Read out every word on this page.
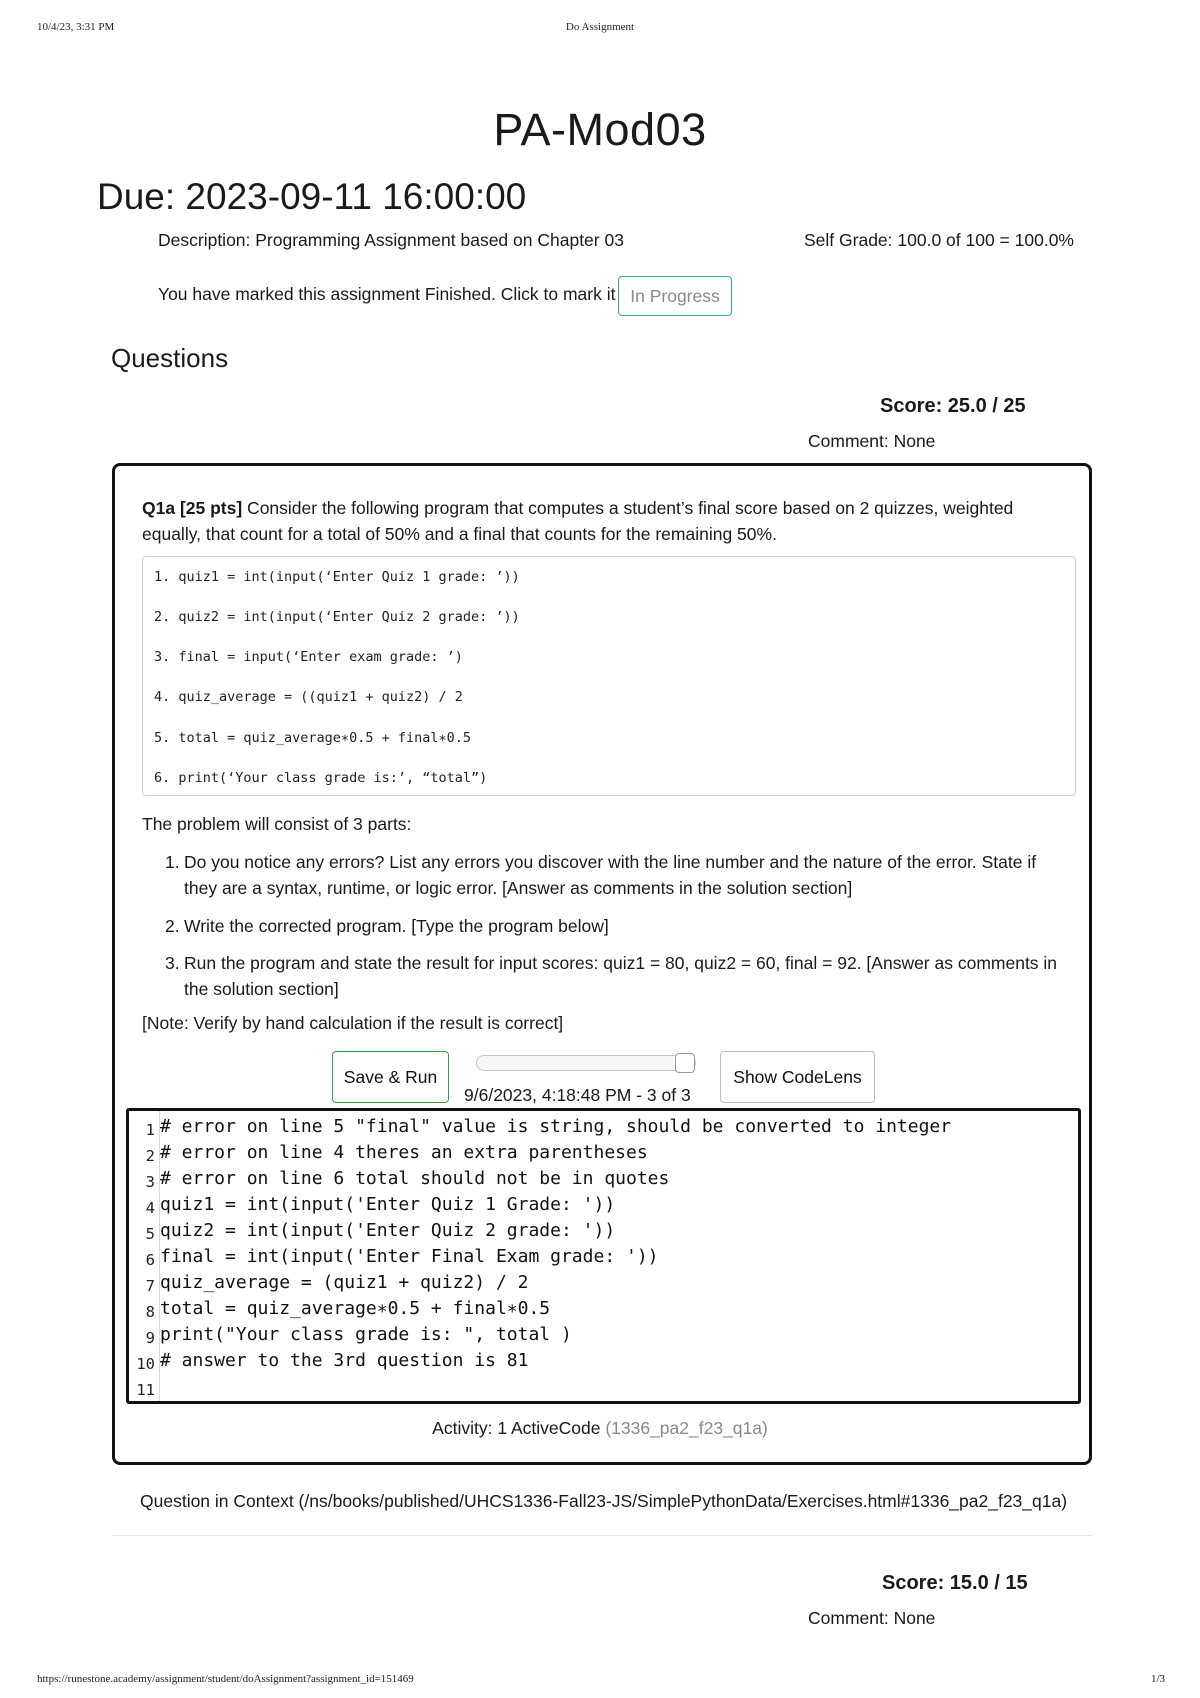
10/4/23, 3:31 PM	Do Assignment
PA-Mod03
Due: 2023-09-11 16:00:00
Description: Programming Assignment based on Chapter 03	Self Grade: 100.0 of 100 = 100.0%
You have marked this assignment Finished. Click to mark it In Progress
Questions
Score: 25.0 / 25
Comment: None
Q1a [25 pts] Consider the following program that computes a student’s final score based on 2 quizzes, weighted equally, that count for a total of 50% and a final that counts for the remaining 50%.
1. quiz1 = int(input(‘Enter Quiz 1 grade: ’))
2. quiz2 = int(input(‘Enter Quiz 2 grade: ’))
3. final = input(‘Enter exam grade: ’)
4. quiz_average = ((quiz1 + quiz2) / 2
5. total = quiz_average∗0.5 + final∗0.5
6. print(‘Your class grade is:’, “total”)
The problem will consist of 3 parts:
1. Do you notice any errors? List any errors you discover with the line number and the nature of the error. State if they are a syntax, runtime, or logic error. [Answer as comments in the solution section]
2. Write the corrected program. [Type the program below]
3. Run the program and state the result for input scores: quiz1 = 80, quiz2 = 60, final = 92. [Answer as comments in the solution section]
[Note: Verify by hand calculation if the result is correct]
Save & Run
9/6/2023, 4:18:48 PM - 3 of 3
Show CodeLens
1
2
3
4
5
6
7
8
9
10
11
# error on line 5 "final" value is string, should be converted to integer
# error on line 4 theres an extra parentheses
# error on line 6 total should not be in quotes
quiz1 = int(input('Enter Quiz 1 Grade: '))
quiz2 = int(input('Enter Quiz 2 grade: '))
final = int(input('Enter Final Exam grade: '))
quiz_average = (quiz1 + quiz2) / 2
total = quiz_average∗0.5 + final∗0.5
print("Your class grade is: ", total )
# answer to the 3rd question is 81
Activity: 1 ActiveCode (1336_pa2_f23_q1a)
Question in Context (/ns/books/published/UHCS1336-Fall23-JS/SimplePythonData/Exercises.html#1336_pa2_f23_q1a)
Score: 15.0 / 15
Comment: None
https://runestone.academy/assignment/student/doAssignment?assignment_id=151469	1/3
